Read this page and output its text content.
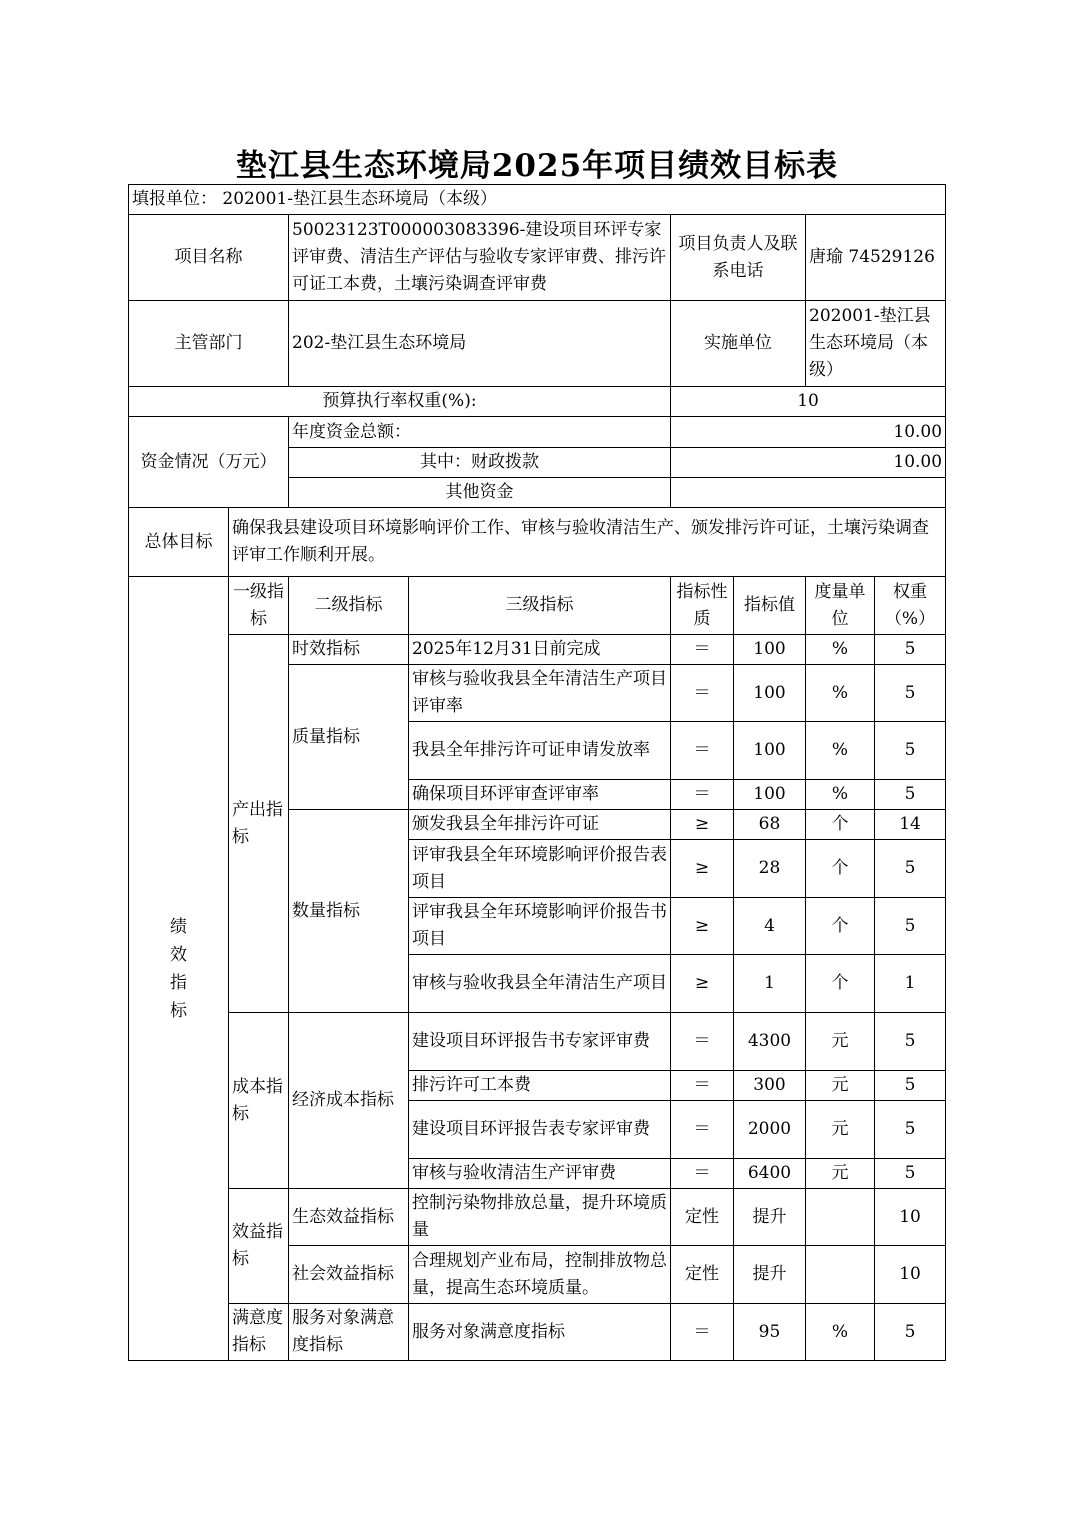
垫江县生态环境局2025年项目绩效目标表
填报单位： 202001-垫江县生态环境局（本级）							
项目名称		50023123T000003083396-建设项目环评专家评审费、清洁生产评估与验收专家评审费、排污许可证工本费，土壤污染调查评审费		项目负责人及联系电话		唐瑜 74529126	
主管部门		202-垫江县生态环境局		实施单位		202001-垫江县生态环境局（本级）	
预算执行率权重(%):				10			
资金情况（万元）		年度资金总额：		10.00			
		其中：财政拨款		10.00			
		其他资金					
总体目标	确保我县建设项目环境影响评价工作、审核与验收清洁生产、颁发排污许可证，土壤污染调查评审工作顺利开展。						

绩效指标	一级指标	二级指标	三级指标	指标性质	指标值	度量单位	权重（%）
	产出指标	时效指标	2025年12月31日前完成	＝	100	%	5
		质量指标	审核与验收我县全年清洁生产项目评审率	＝	100	%	5
			我县全年排污许可证申请发放率	＝	100	%	5
			确保项目环评审查评审率	＝	100	%	5
		数量指标	颁发我县全年排污许可证	≥	68	个	14
			评审我县全年环境影响评价报告表项目	≥	28	个	5
			评审我县全年环境影响评价报告书项目	≥	4	个	5
			审核与验收我县全年清洁生产项目	≥	1	个	1
	成本指标	经济成本指标	建设项目环评报告书专家评审费	＝	4300	元	5
			排污许可工本费	＝	300	元	5
			建设项目环评报告表专家评审费	＝	2000	元	5
			审核与验收清洁生产评审费	＝	6400	元	5
	效益指标	生态效益指标	控制污染物排放总量，提升环境质量	定性	提升		10
		社会效益指标	合理规划产业布局，控制排放物总量，提高生态环境质量。	定性	提升		10
	满意度指标	服务对象满意度指标	服务对象满意度指标	＝	95	%	5
